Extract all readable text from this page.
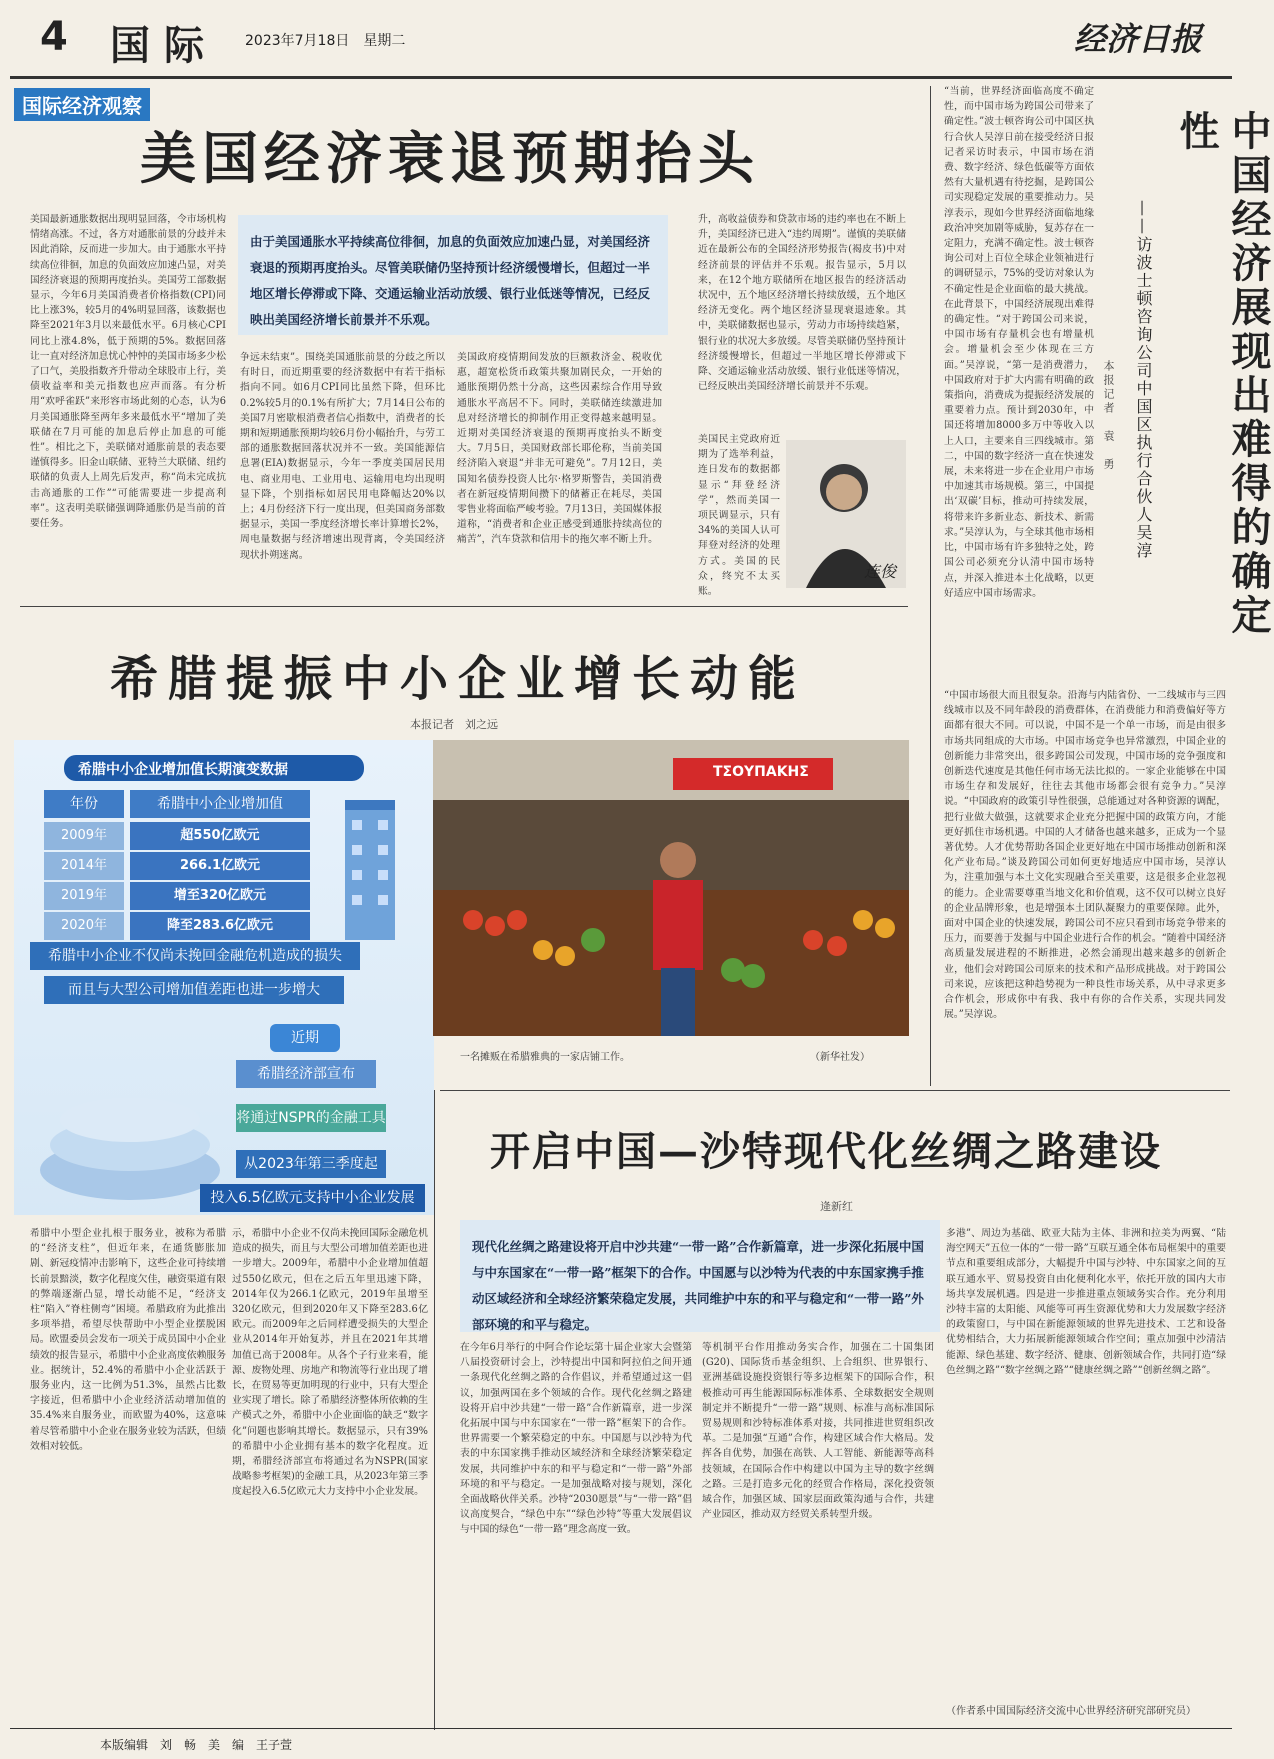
4 国际 2023年7月18日　星期二	经济日报
国际经济观察
美国经济衰退预期抬头
由于美国通胀水平持续高位徘徊，加息的负面效应加速凸显，对美国经济衰退的预期再度抬头。尽管美联储仍坚持预计经济缓慢增长，但超过一半地区增长停滞或下降、交通运输业活动放缓、银行业低迷等情况，已经反映出美国经济增长前景并不乐观。
美国最新通胀数据出现明显回落，令市场机构情绪高涨。不过，各方对通胀前景的分歧并未因此消除，反而进一步加大。由于通胀水平持续高位徘徊，加息的负面效应加速凸显，对美国经济衰退的预期再度抬头。美国劳工部数据显示，今年6月美国消费者价格指数(CPI)同比上涨3%，较5月的4%明显回落，该数据也降至2021年3月以来最低水平。6月核心CPI同比上涨4.8%，低于预期的5%。数据回落让一直对经济加息忧心忡忡的美国市场多少松了口气，美股指数齐升带动全球股市上行，美债收益率和美元指数也应声而落。有分析用“欢呼雀跃”来形容市场此刻的心态，认为6月美国通胀降至两年多来最低水平“增加了美联储在7月可能的加息后停止加息的可能性”。相比之下，美联储对通胀前景的表态要谨慎得多。旧金山联储、亚特兰大联储、纽约联储的负责人上周先后发声，称“尚未完成抗击高通胀的工作”“可能需要进一步提高利率”。这表明美联储强调降通胀仍是当前的首要任务。
争远未结束”。围绕美国通胀前景的分歧之所以有时日，而近期重要的经济数据中有若干指标指向不同。如6月CPI同比虽然下降，但环比0.2%较5月的0.1%有所扩大；7月14日公布的美国7月密歇根消费者信心指数中，消费者的长期和短期通胀预期均较6月份小幅抬升，与劳工部的通胀数据回落状况并不一致。美国能源信息署(EIA)数据显示，今年一季度美国居民用电、商业用电、工业用电、运输用电均出现明显下降，个别指标如居民用电降幅达20%以上；4月份经济下行一度出现，但美国商务部数据显示，美国一季度经济增长率计算增长2%，周电量数据与经济增速出现背离，令美国经济现状扑朔迷离。
美国政府疫情期间发放的巨额救济金、税收优惠，超宽松货币政策共聚加剧民众，一开始的通胀预期仍然十分高，这些因素综合作用导致通胀水平高居不下。同时，美联储连续激进加息对经济增长的抑制作用正变得越来越明显。近期对美国经济衰退的预期再度抬头不断变大。7月5日，美国财政部长耶伦称，当前美国经济陷入衰退“并非无可避免”。7月12日，美国知名债券投资人比尔·格罗斯警告，美国消费者在新冠疫情期间攒下的储蓄正在耗尽，美国零售业将面临严峻考验。7月13日，美国媒体报道称，“消费者和企业正感受到通胀持续高位的痛苦”，汽车贷款和信用卡的拖欠率不断上升。
升，高收益债券和贷款市场的违约率也在不断上升，美国经济已进入“违约周期”。谨慎的美联储近在最新公布的全国经济形势报告(褐皮书)中对经济前景的评估并不乐观。报告显示，5月以来，在12个地方联储所在地区报告的经济活动状况中，五个地区经济增长持续放缓，五个地区经济无变化。两个地区经济显现衰退迹象。其中，美联储数据也显示，劳动力市场持续趋紧，银行业的状况大多放缓。尽管美联储仍坚持预计经济缓慢增长，但超过一半地区增长停滞或下降、交通运输业活动放缓、银行业低迷等情况，已经反映出美国经济增长前景并不乐观。
美国民主党政府近期为了选举利益，连日发布的数据都显示“拜登经济学”，然而美国一项民调显示，只有34%的美国人认可拜登对经济的处理方式。美国的民众，终究不太买账。
连俊	中国经济展现出难得的确定性
——访波士顿咨询公司中国区执行合伙人吴淳
本报记者　袁　勇
“当前，世界经济面临高度不确定性，而中国市场为跨国公司带来了确定性。”波士顿咨询公司中国区执行合伙人吴淳日前在接受经济日报记者采访时表示，中国市场在消费、数字经济、绿色低碳等方面依然有大量机遇有待挖掘，是跨国公司实现稳定发展的重要推动力。吴淳表示，现如今世界经济面临地缘政治冲突加剧等威胁，复苏存在一定阻力，充满不确定性。波士顿咨询公司对上百位全球企业领袖进行的调研显示，75%的受访对象认为不确定性是企业面临的最大挑战。在此背景下，中国经济展现出难得的确定性。“对于跨国公司来说，中国市场有存量机会也有增量机会。增量机会至少体现在三方面。”吴淳说，“第一是消费潜力，中国政府对于扩大内需有明确的政策指向，消费成为提振经济发展的重要着力点。预计到2030年，中国还将增加8000多万中等收入以上人口，主要来自三四线城市。第二，中国的数字经济一直在快速发展，未来将进一步在企业用户市场中加速其市场规模。第三，中国提出‘双碳’目标，推动可持续发展，将带来许多新业态、新技术、新需求。”吴淳认为，与全球其他市场相比，中国市场有许多独特之处，跨国公司必须充分认清中国市场特点，并深入推进本土化战略，以更好适应中国市场需求。
“中国市场很大而且很复杂。沿海与内陆省份、一二线城市与三四线城市以及不同年龄段的消费群体，在消费能力和消费偏好等方面都有很大不同。可以说，中国不是一个单一市场，而是由很多市场共同组成的大市场。中国市场竞争也异常激烈，中国企业的创新能力非常突出，很多跨国公司发现，中国市场的竞争强度和创新迭代速度是其他任何市场无法比拟的。一家企业能够在中国市场生存和发展好，往往去其他市场都会很有竞争力。”吴淳说。“中国政府的政策引导性很强，总能通过对各种资源的调配，把行业做大做强，这就要求企业充分把握中国的政策方向，才能更好抓住市场机遇。中国的人才储备也越来越多，正成为一个显著优势。人才优势帮助各国企业更好地在中国市场推动创新和深化产业布局。”谈及跨国公司如何更好地适应中国市场，吴淳认为，注重加强与本土文化实现融合至关重要，这是很多企业忽视的能力。企业需要尊重当地文化和价值观，这不仅可以树立良好的企业品牌形象，也是增强本土团队凝聚力的重要保障。此外，面对中国企业的快速发展，跨国公司不应只看到市场竞争带来的压力，而要善于发掘与中国企业进行合作的机会。“随着中国经济高质量发展进程的不断推进，必然会涌现出越来越多的创新企业，他们会对跨国公司原来的技术和产品形成挑战。对于跨国公司来说，应该把这种趋势视为一种良性市场关系，从中寻求更多合作机会，形成你中有我、我中有你的合作关系，实现共同发展。”吴淳说。
希腊提振中小企业增长动能
本报记者　刘之远
希腊中小企业增加值长期演变数据
年份	希腊中小企业增加值
2009年	超550亿欧元
2014年	266.1亿欧元
2019年	增至320亿欧元
2020年	降至283.6亿欧元
希腊中小企业不仅尚未挽回金融危机造成的损失
而且与大型公司增加值差距也进一步增大
近期
希腊经济部宣布
将通过NSPR的金融工具
从2023年第三季度起
投入6.5亿欧元支持中小企业发展
ΤΣΟΥΠΑΚΗΣ
一名摊贩在希腊雅典的一家店铺工作。	（新华社发）
希腊中小型企业扎根于服务业，被称为希腊的“经济支柱”，但近年来，在通货膨胀加剧、新冠疫情冲击影响下，这些企业可持续增长前景黯淡，数字化程度欠佳，融资渠道有限的弊端逐渐凸显，增长动能不足，“经济支柱“陷入”脊柱侧弯”困境。希腊政府为此推出多项举措，希望尽快帮助中小型企业摆脱困局。欧盟委员会发布一项关于成员国中小企业绩效的报告显示，希腊中小企业高度依赖服务业。据统计，52.4%的希腊中小企业活跃于服务业内，这一比例为51.3%，虽然占比数字接近，但希腊中小企业经济活动增加值的35.4%来自服务业，而欧盟为40%，这意味着尽管希腊中小企业在服务业较为活跃，但绩效相对较低。
示，希腊中小企业不仅尚未挽回国际金融危机造成的损失，而且与大型公司增加值差距也进一步增大。2009年，希腊中小企业增加值超过550亿欧元，但在之后五年里迅速下降，2014年仅为266.1亿欧元，2019年虽增至320亿欧元，但到2020年又下降至283.6亿欧元。而2009年之后同样遭受损失的大型企业从2014年开始复苏，并且在2021年其增加值已高于2008年。从各个子行业来看，能源、废物处理、房地产和物流等行业出现了增长，在贸易等更加明现的行业中，只有大型企业实现了增长。除了希腊经济整体所依赖的生产模式之外，希腊中小企业面临的缺乏“数字化”问题也影响其增长。数据显示，只有39%的希腊中小企业拥有基本的数字化程度。近期，希腊经济部宣布将通过名为NSPR(国家战略参考框架)的金融工具，从2023年第三季度起投入6.5亿欧元大力支持中小企业发展。
开启中国—沙特现代化丝绸之路建设
逄新红
现代化丝绸之路建设将开启中沙共建“一带一路”合作新篇章，进一步深化拓展中国与中东国家在“一带一路”框架下的合作。中国愿与以沙特为代表的中东国家携手推动区域经济和全球经济繁荣稳定发展，共同维护中东的和平与稳定和“一带一路”外部环境的和平与稳定。
在今年6月举行的中阿合作论坛第十届企业家大会暨第八届投资研讨会上，沙特提出中国和阿拉伯之间开通一条现代化丝绸之路的合作倡议，并希望通过这一倡议，加强两国在多个领域的合作。现代化丝绸之路建设将开启中沙共建“一带一路”合作新篇章，进一步深化拓展中国与中东国家在“一带一路”框架下的合作。世界需要一个繁荣稳定的中东。中国愿与以沙特为代表的中东国家携手推动区域经济和全球经济繁荣稳定发展，共同维护中东的和平与稳定和“一带一路”外部环境的和平与稳定。一是加强战略对接与规划，深化全面战略伙伴关系。沙特“2030愿景”与“一带一路”倡议高度契合，“绿色中东”“绿色沙特”等重大发展倡议与中国的绿色“一带一路”理念高度一致。
等机制平台作用推动务实合作，加强在二十国集团(G20)、国际货币基金组织、上合组织、世界银行、亚洲基础设施投资银行等多边框架下的国际合作，积极推动可再生能源国际标准体系、全球数据安全规则制定并不断提升“一带一路”规则、标准与高标准国际贸易规则和沙特标准体系对接，共同推进世贸组织改革。二是加强“互通”合作，构建区域合作大格局。发挥各自优势，加强在高铁、人工智能、新能源等高科技领域，在国际合作中构建以中国为主导的数字丝绸之路。三是打造多元化的经贸合作格局，深化投资领域合作，加强区域、国家层面政策沟通与合作，共建产业园区，推动双方经贸关系转型升级。
多港”、周边为基础、欧亚大陆为主体、非洲和拉美为两翼、“陆海空网天”五位一体的“一带一路”互联互通全体布局框架中的重要节点和重要组成部分，大幅提升中国与沙特、中东国家之间的互联互通水平、贸易投资自由化便利化水平，依托开放的国内大市场共享发展机遇。四是进一步推进重点领域务实合作。充分利用沙特丰富的太阳能、风能等可再生资源优势和大力发展数字经济的政策窗口，与中国在新能源领域的世界先进技术、工艺和设备优势相结合，大力拓展新能源领域合作空间；重点加强中沙清洁能源、绿色基建、数字经济、健康、创新领域合作，共同打造“绿色丝绸之路”“数字丝绸之路”“健康丝绸之路”“创新丝绸之路”。
（作者系中国国际经济交流中心世界经济研究部研究员）
本版编辑　刘　畅　美　编　王子萱
